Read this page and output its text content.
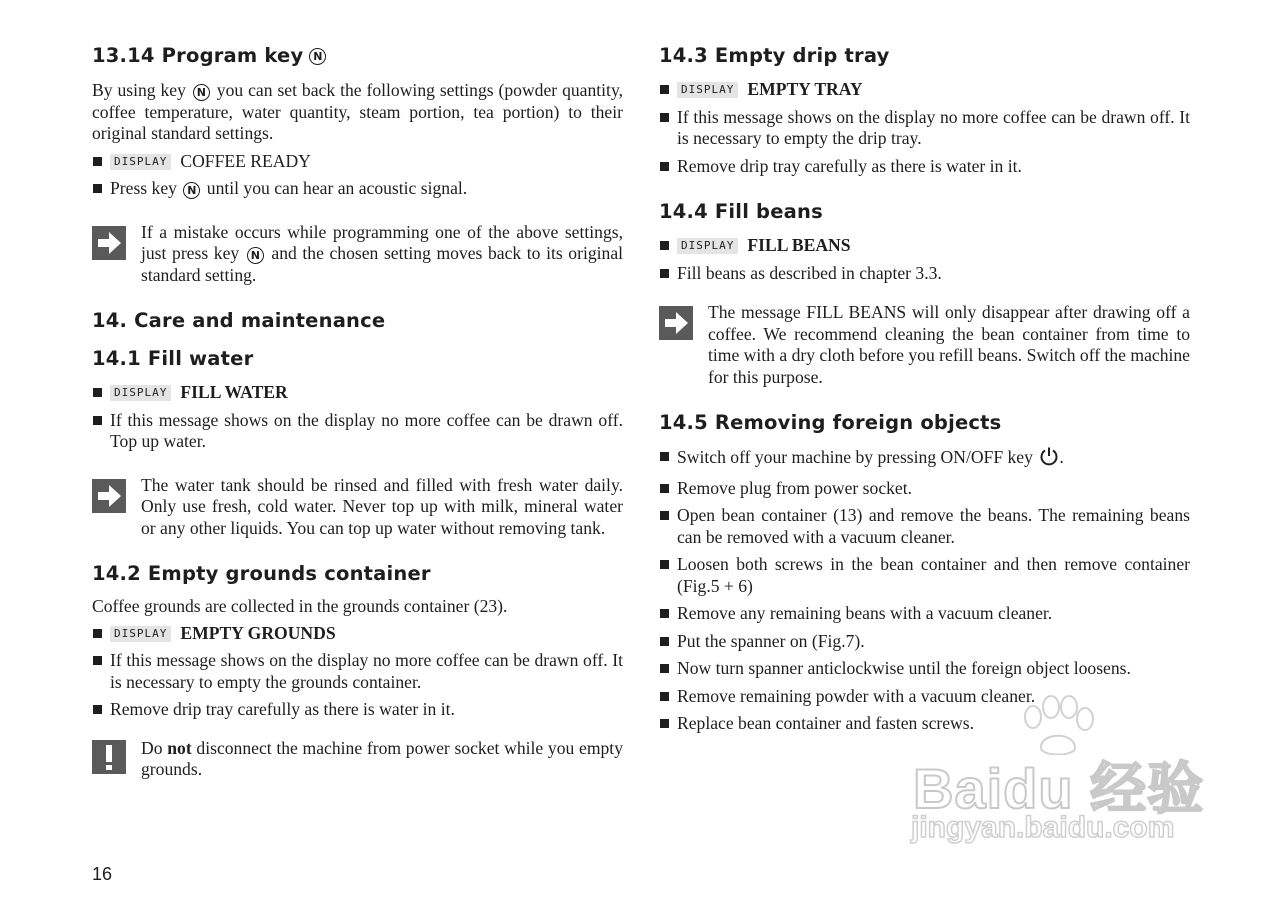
13.14 Program key N

By using key N you can set back the following settings (powder quantity, coffee temperature, water quantity, steam portion, tea portion) to their original standard settings.

DISPLAY COFFEE READY
Press key N until you can hear an acoustic signal.

If a mistake occurs while programming one of the above settings, just press key N and the chosen setting moves back to its original standard setting.

14. Care and maintenance
14.1 Fill water
DISPLAY FILL WATER
If this message shows on the display no more coffee can be drawn off. Top up water.

The water tank should be rinsed and filled with fresh water daily. Only use fresh, cold water. Never top up with milk, mineral water or any other liquids. You can top up water without removing tank.

14.2 Empty grounds container

Coffee grounds are collected in the grounds container (23).

DISPLAY EMPTY GROUNDS
If this message shows on the display no more coffee can be drawn off. It is necessary to empty the grounds container.
Remove drip tray carefully as there is water in it.

Do not disconnect the machine from power socket while you empty grounds.

14.3 Empty drip tray
DISPLAY EMPTY TRAY
If this message shows on the display no more coffee can be drawn off. It is necessary to empty the drip tray.
Remove drip tray carefully as there is water in it.
14.4 Fill beans
DISPLAY FILL BEANS
Fill beans as described in chapter 3.3.

The message FILL BEANS will only disappear after drawing off a coffee. We recommend cleaning the bean container from time to time with a dry cloth before you refill beans. Switch off the machine for this purpose.

14.5 Removing foreign objects
Switch off your machine by pressing ON/OFF key .
Remove plug from power socket.
Open bean container (13) and remove the beans. The remaining beans can be removed with a vacuum cleaner.
Loosen both screws in the bean container and then remove container (Fig.5 + 6)
Remove any remaining beans with a vacuum cleaner.
Put the spanner on (Fig.7).
Now turn spanner anticlockwise until the foreign object loosens.
Remove remaining powder with a vacuum cleaner.
Replace bean container and fasten screws.
16
Baidu 经验
jingyan.baidu.com
